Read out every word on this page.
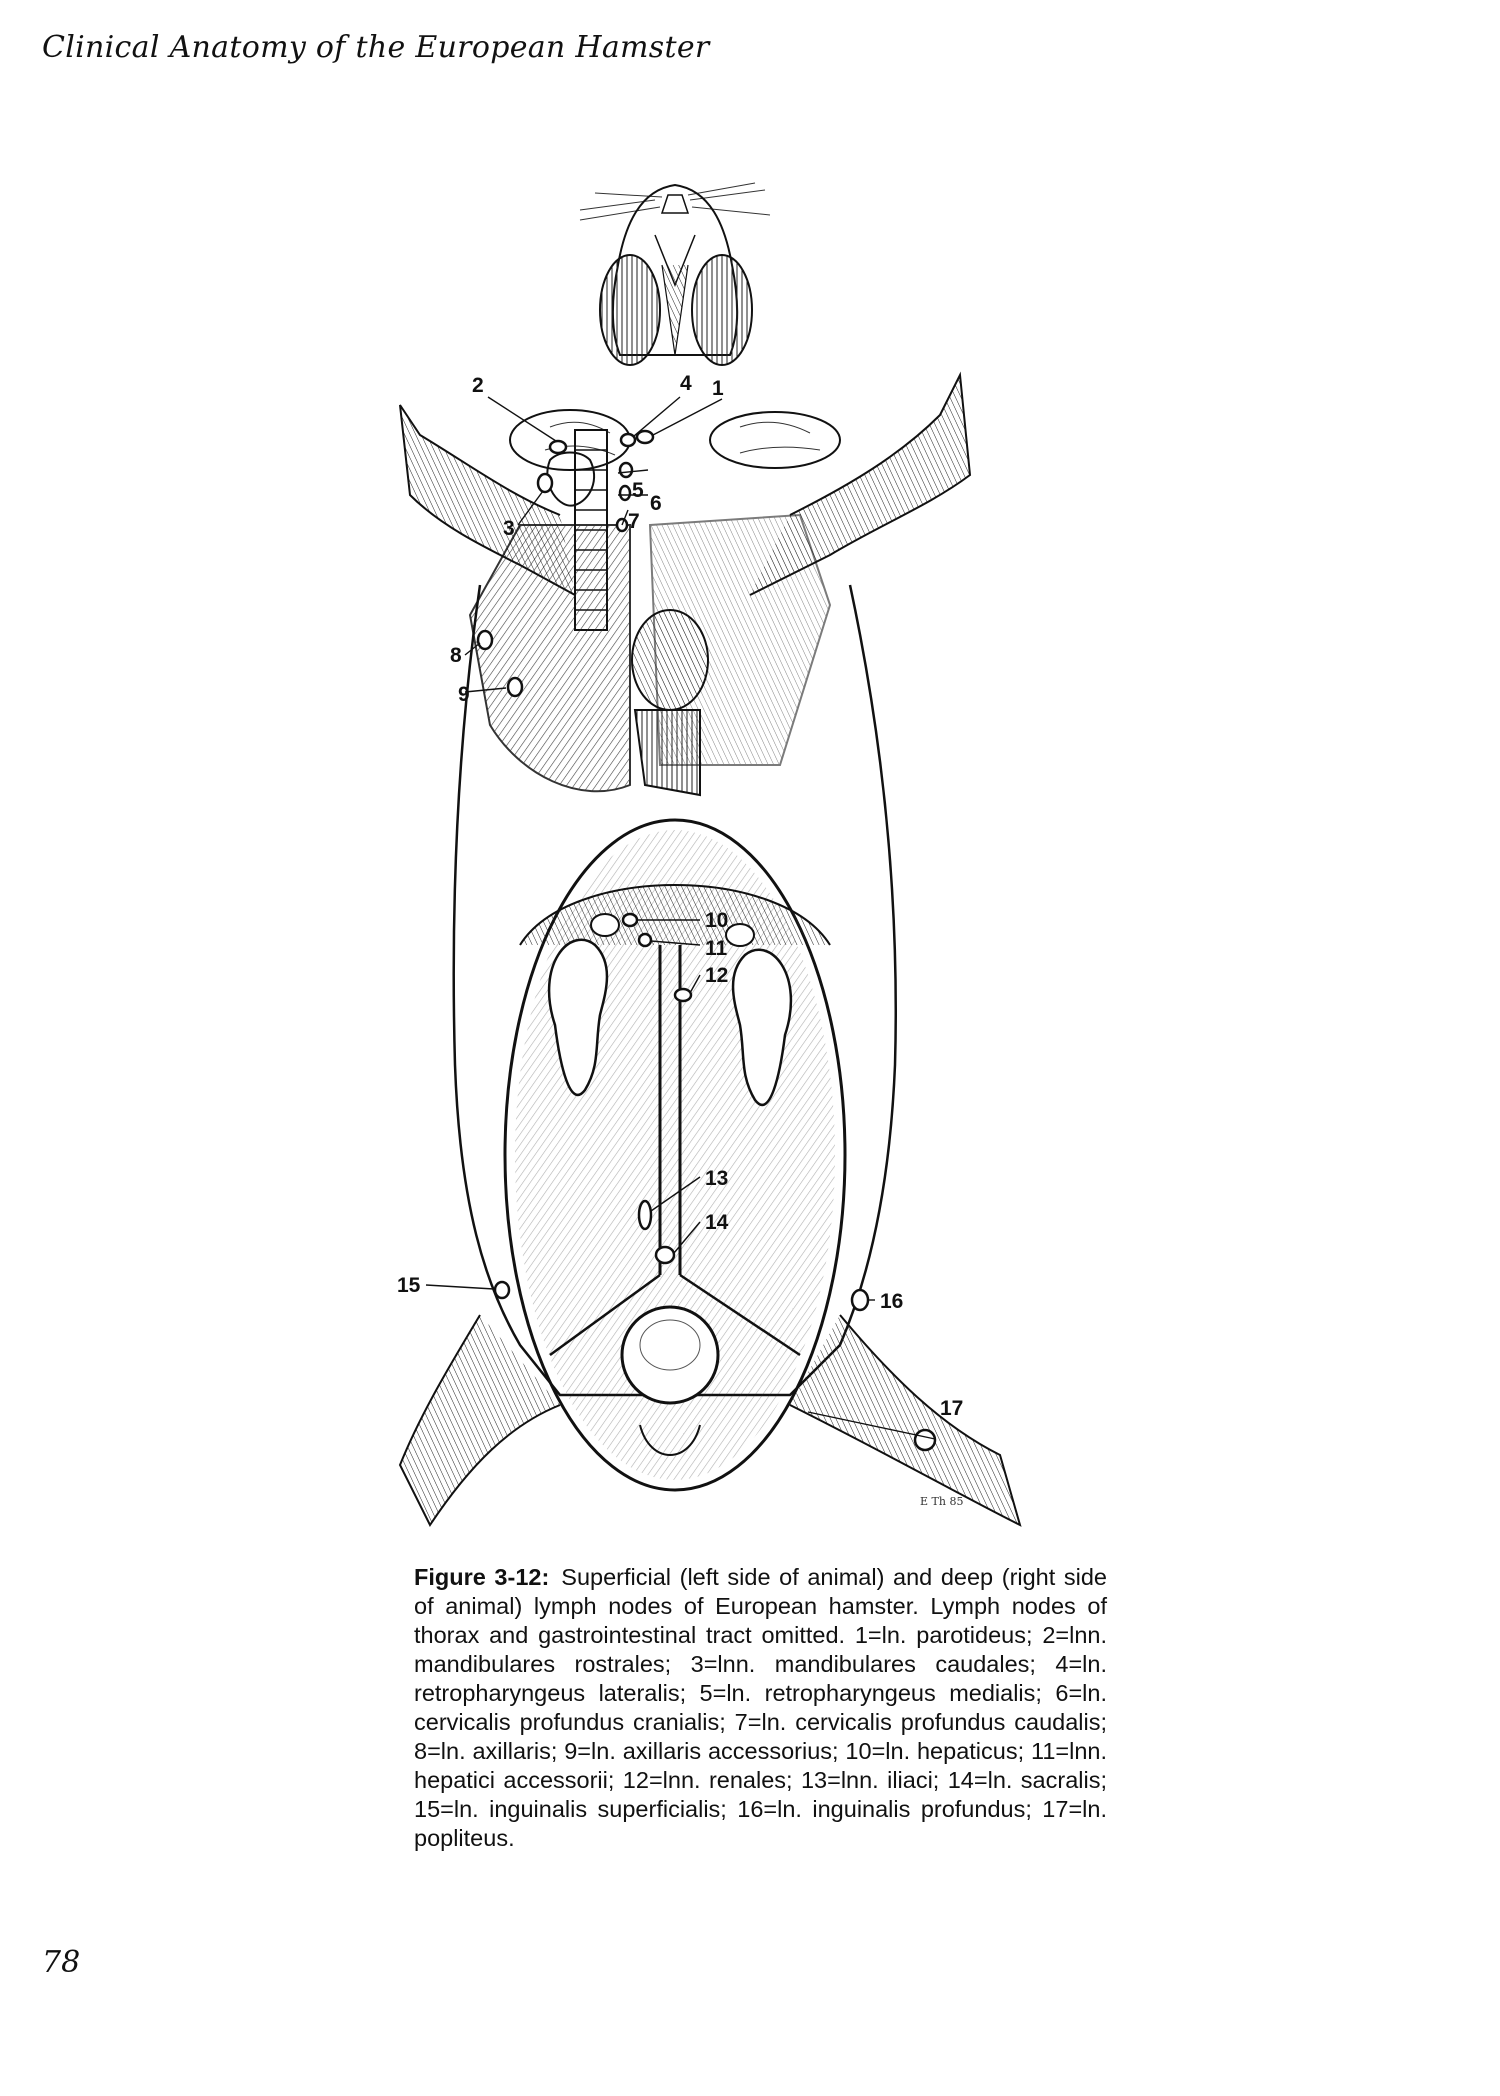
Clinical Anatomy of the European Hamster
1
2
3
4
5
6
7
8
9
10
11
12
13
14
15
16
17
E Th 85
Figure 3-12: Superficial (left side of animal) and deep (right side of animal) lymph nodes of European hamster. Lymph nodes of thorax and gastrointestinal tract omitted. 1=ln. parotideus; 2=lnn. mandibulares rostrales; 3=lnn. mandibulares caudales; 4=ln. retropharyngeus lateralis; 5=ln. retropharyngeus medialis; 6=ln. cervicalis profundus cranialis; 7=ln. cervicalis profundus caudalis; 8=ln. axillaris; 9=ln. axillaris accessorius; 10=ln. hepaticus; 11=lnn. hepatici accessorii; 12=lnn. renales; 13=lnn. iliaci; 14=ln. sacralis; 15=ln. inguinalis superficialis; 16=ln. inguinalis profundus; 17=ln. popliteus.
78
